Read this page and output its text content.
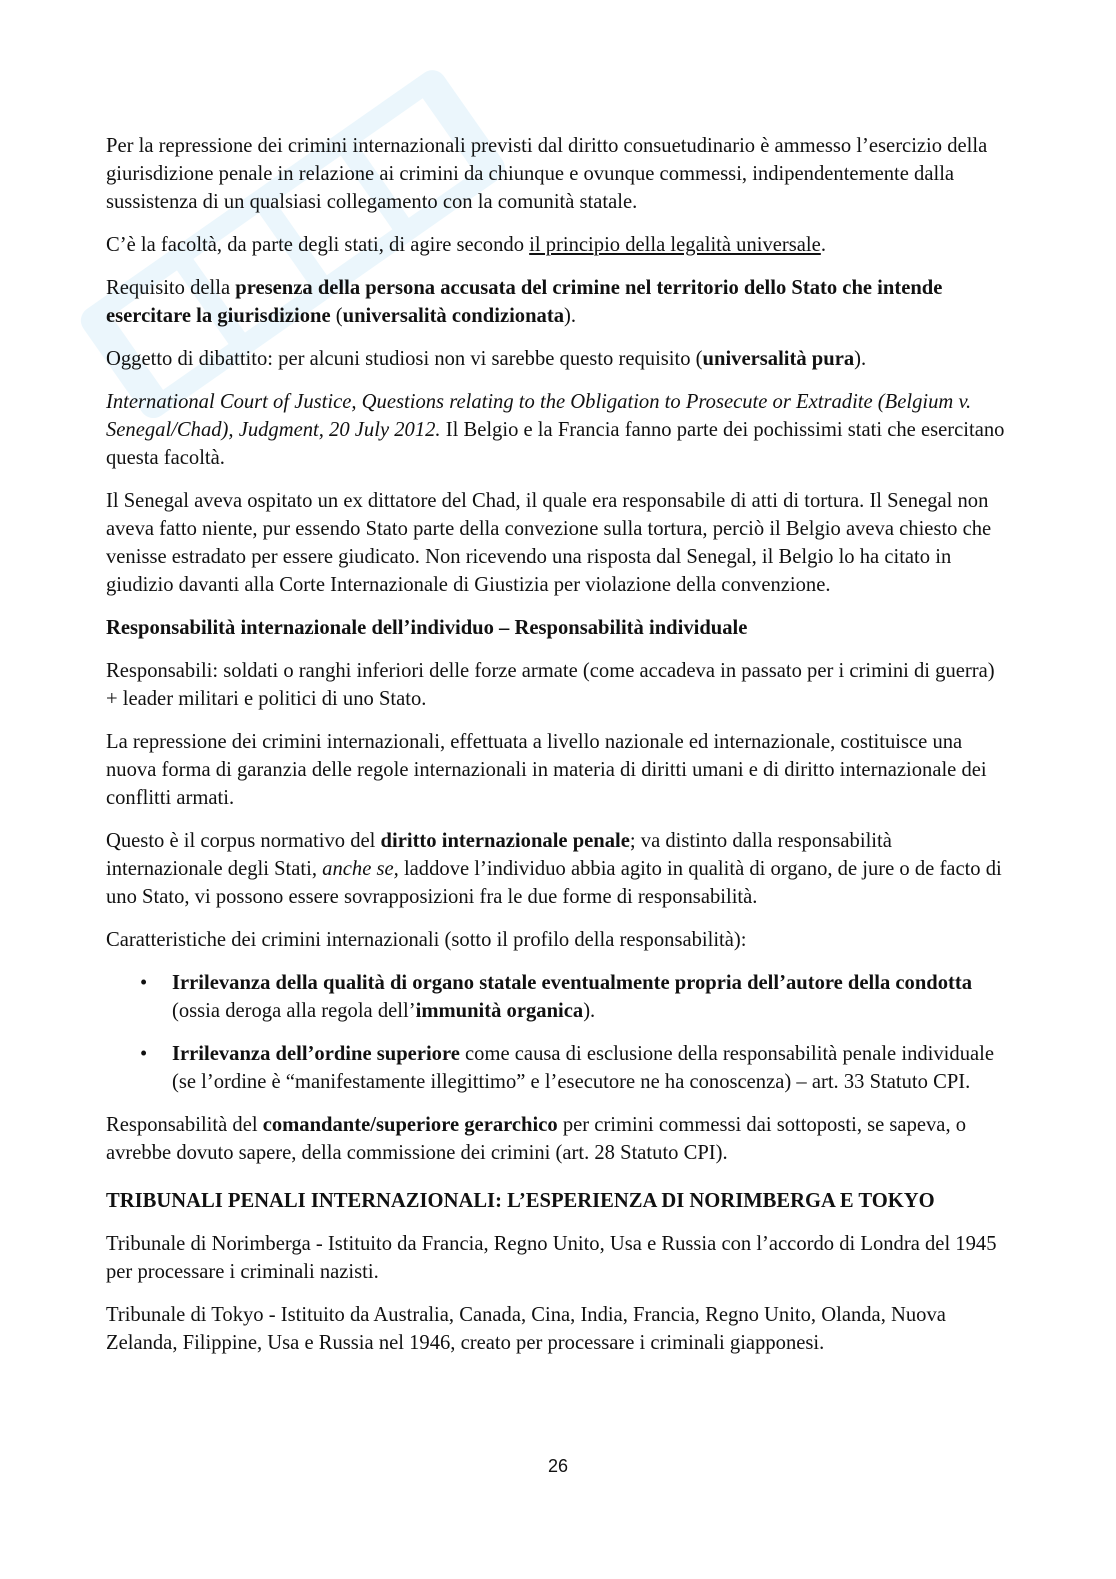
Per la repressione dei crimini internazionali previsti dal diritto consuetudinario è ammesso l’esercizio della giurisdizione penale in relazione ai crimini da chiunque e ovunque commessi, indipendentemente dalla sussistenza di un qualsiasi collegamento con la comunità statale.

C’è la facoltà, da parte degli stati, di agire secondo il principio della legalità universale.

Requisito della presenza della persona accusata del crimine nel territorio dello Stato che intende esercitare la giurisdizione (universalità condizionata).

Oggetto di dibattito: per alcuni studiosi non vi sarebbe questo requisito (universalità pura).

International Court of Justice, Questions relating to the Obligation to Prosecute or Extradite (Belgium v. Senegal/Chad), Judgment, 20 July 2012. Il Belgio e la Francia fanno parte dei pochissimi stati che esercitano questa facoltà.

Il Senegal aveva ospitato un ex dittatore del Chad, il quale era responsabile di atti di tortura. Il Senegal non aveva fatto niente, pur essendo Stato parte della convezione sulla tortura, perciò il Belgio aveva chiesto che venisse estradato per essere giudicato. Non ricevendo una risposta dal Senegal, il Belgio lo ha citato in giudizio davanti alla Corte Internazionale di Giustizia per violazione della convenzione.

Responsabilità internazionale dell’individuo – Responsabilità individuale

Responsabili: soldati o ranghi inferiori delle forze armate (come accadeva in passato per i crimini di guerra) + leader militari e politici di uno Stato.

La repressione dei crimini internazionali, effettuata a livello nazionale ed internazionale, costituisce una nuova forma di garanzia delle regole internazionali in materia di diritti umani e di diritto internazionale dei conflitti armati.

Questo è il corpus normativo del diritto internazionale penale; va distinto dalla responsabilità internazionale degli Stati, anche se, laddove l’individuo abbia agito in qualità di organo, de jure o de facto di uno Stato, vi possono essere sovrapposizioni fra le due forme di responsabilità.

Caratteristiche dei crimini internazionali (sotto il profilo della responsabilità):

• Irrilevanza della qualità di organo statale eventualmente propria dell’autore della condotta (ossia deroga alla regola dell’immunità organica).
• Irrilevanza dell’ordine superiore come causa di esclusione della responsabilità penale individuale (se l’ordine è “manifestamente illegittimo” e l’esecutore ne ha conoscenza) – art. 33 Statuto CPI.

Responsabilità del comandante/superiore gerarchico per crimini commessi dai sottoposti, se sapeva, o avrebbe dovuto sapere, della commissione dei crimini (art. 28 Statuto CPI).

TRIBUNALI PENALI INTERNAZIONALI: L’ESPERIENZA DI NORIMBERGA E TOKYO

Tribunale di Norimberga - Istituito da Francia, Regno Unito, Usa e Russia con l’accordo di Londra del 1945 per processare i criminali nazisti.

Tribunale di Tokyo - Istituito da Australia, Canada, Cina, India, Francia, Regno Unito, Olanda, Nuova Zelanda, Filippine, Usa e Russia nel 1946, creato per processare i criminali giapponesi.

26
